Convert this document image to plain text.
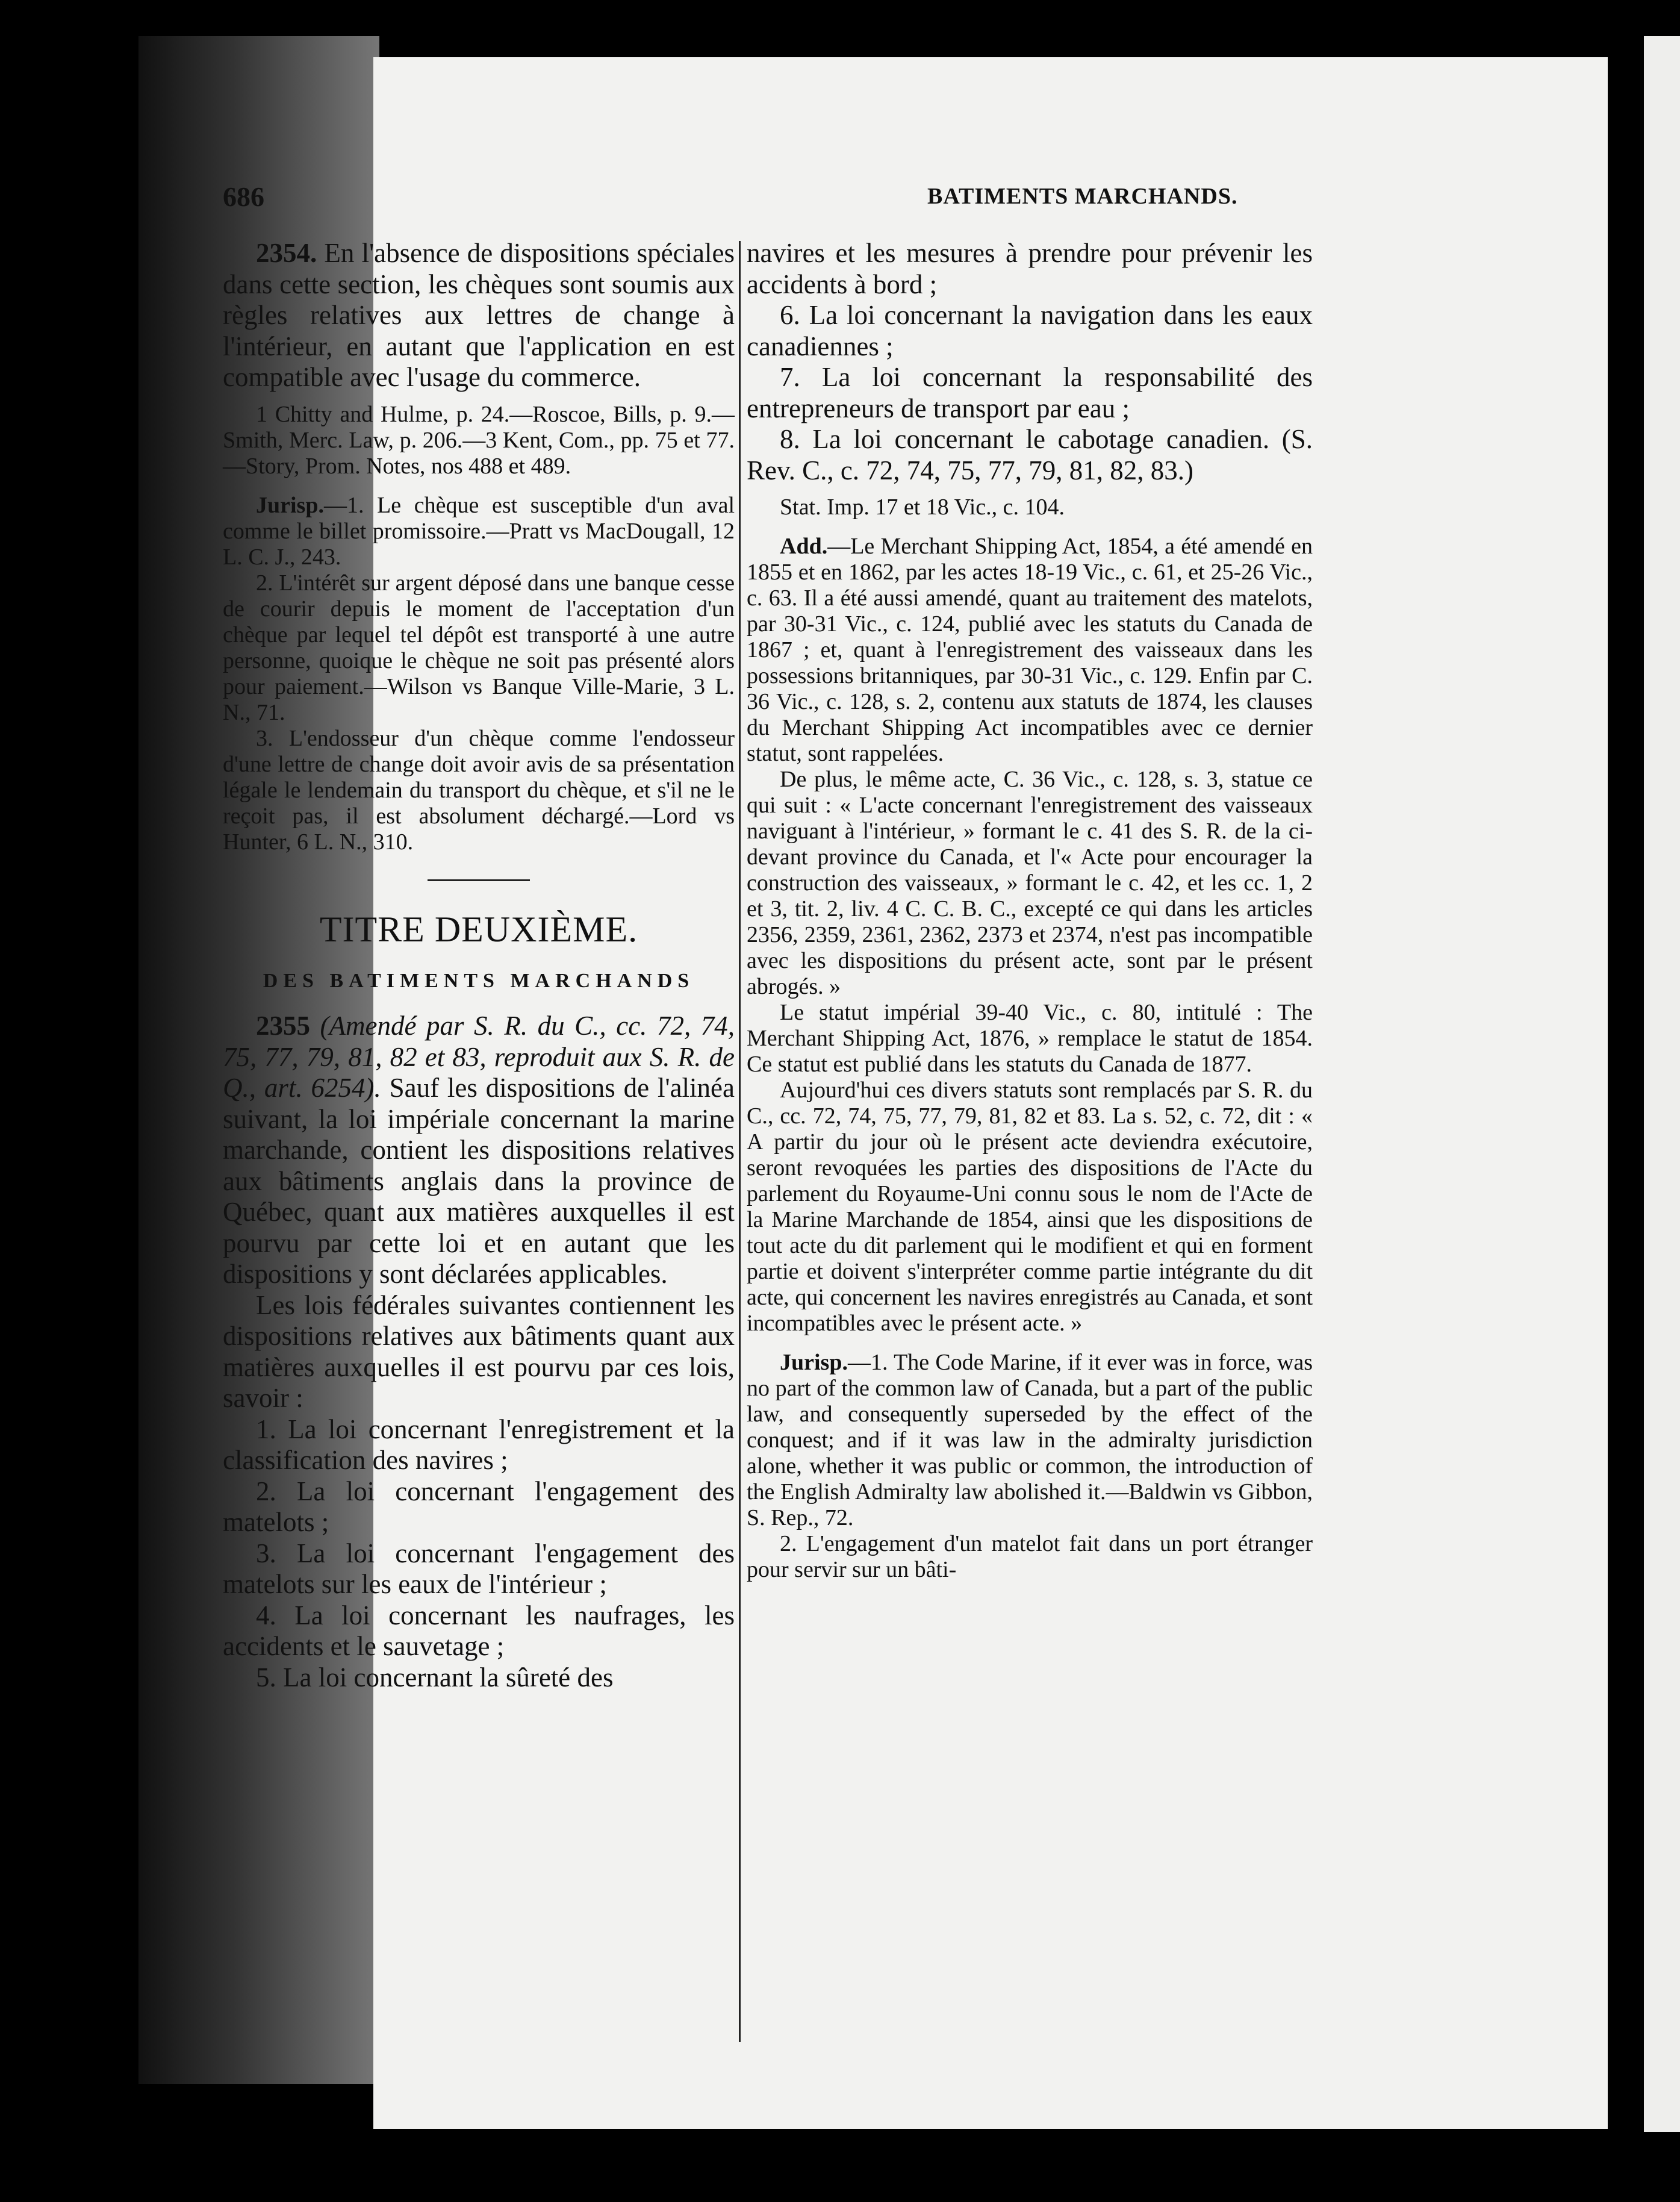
686	BATIMENTS MARCHANDS.

2354. En l'absence de dispositions spéciales dans cette section, les chèques sont soumis aux règles relatives aux lettres de change à l'intérieur, en autant que l'application en est compatible avec l'usage du commerce.

1 Chitty and Hulme, p. 24.—Roscoe, Bills, p. 9.—Smith, Merc. Law, p. 206.—3 Kent, Com., pp. 75 et 77.—Story, Prom. Notes, nos 488 et 489.

Jurisp.—1. Le chèque est susceptible d'un aval comme le billet promissoire.—Pratt vs MacDougall, 12 L. C. J., 243.

2. L'intérêt sur argent déposé dans une banque cesse de courir depuis le moment de l'acceptation d'un chèque par lequel tel dépôt est transporté à une autre personne, quoique le chèque ne soit pas présenté alors pour paiement.—Wilson vs Banque Ville-Marie, 3 L. N., 71.

3. L'endosseur d'un chèque comme l'endosseur d'une lettre de change doit avoir avis de sa présentation légale le lendemain du transport du chèque, et s'il ne le reçoit pas, il est absolument déchargé.—Lord vs Hunter, 6 L. N., 310.

TITRE DEUXIÈME.

DES BATIMENTS MARCHANDS

2355 (Amendé par S. R. du C., cc. 72, 74, 75, 77, 79, 81, 82 et 83, reproduit aux S. R. de Q., art. 6254). Sauf les dispositions de l'alinéa suivant, la loi impériale concernant la marine marchande, contient les dispositions relatives aux bâtiments anglais dans la province de Québec, quant aux matières auxquelles il est pourvu par cette loi et en autant que les dispositions y sont déclarées applicables.

Les lois fédérales suivantes contiennent les dispositions relatives aux bâtiments quant aux matières auxquelles il est pourvu par ces lois, savoir :

1. La loi concernant l'enregistrement et la classification des navires ;

2. La loi concernant l'engagement des matelots ;

3. La loi concernant l'engagement des matelots sur les eaux de l'intérieur ;

4. La loi concernant les naufrages, les accidents et le sauvetage ;

5. La loi concernant la sûreté des

navires et les mesures à prendre pour prévenir les accidents à bord ;

6. La loi concernant la navigation dans les eaux canadiennes ;

7. La loi concernant la responsabilité des entrepreneurs de transport par eau ;

8. La loi concernant le cabotage canadien. (S. Rev. C., c. 72, 74, 75, 77, 79, 81, 82, 83.)

Stat. Imp. 17 et 18 Vic., c. 104.

Add.—Le Merchant Shipping Act, 1854, a été amendé en 1855 et en 1862, par les actes 18-19 Vic., c. 61, et 25-26 Vic., c. 63. Il a été aussi amendé, quant au traitement des matelots, par 30-31 Vic., c. 124, publié avec les statuts du Canada de 1867 ; et, quant à l'enregistrement des vaisseaux dans les possessions britanniques, par 30-31 Vic., c. 129. Enfin par C. 36 Vic., c. 128, s. 2, contenu aux statuts de 1874, les clauses du Merchant Shipping Act incompatibles avec ce dernier statut, sont rappelées.

De plus, le même acte, C. 36 Vic., c. 128, s. 3, statue ce qui suit : « L'acte concernant l'enregistrement des vaisseaux naviguant à l'intérieur, » formant le c. 41 des S. R. de la ci-devant province du Canada, et l'« Acte pour encourager la construction des vaisseaux, » formant le c. 42, et les cc. 1, 2 et 3, tit. 2, liv. 4 C. C. B. C., excepté ce qui dans les articles 2356, 2359, 2361, 2362, 2373 et 2374, n'est pas incompatible avec les dispositions du présent acte, sont par le présent abrogés. »

Le statut impérial 39-40 Vic., c. 80, intitulé : The Merchant Shipping Act, 1876, » remplace le statut de 1854. Ce statut est publié dans les statuts du Canada de 1877.

Aujourd'hui ces divers statuts sont remplacés par S. R. du C., cc. 72, 74, 75, 77, 79, 81, 82 et 83. La s. 52, c. 72, dit : « A partir du jour où le présent acte deviendra exécutoire, seront revoquées les parties des dispositions de l'Acte du parlement du Royaume-Uni connu sous le nom de l'Acte de la Marine Marchande de 1854, ainsi que les dispositions de tout acte du dit parlement qui le modifient et qui en forment partie et doivent s'interpréter comme partie intégrante du dit acte, qui concernent les navires enregistrés au Canada, et sont incompatibles avec le présent acte. »

Jurisp.—1. The Code Marine, if it ever was in force, was no part of the common law of Canada, but a part of the public law, and consequently superseded by the effect of the conquest; and if it was law in the admiralty jurisdiction alone, whether it was public or common, the introduction of the English Admiralty law abolished it.—Baldwin vs Gibbon, S. Rep., 72.

2. L'engagement d'un matelot fait dans un port étranger pour servir sur un bâti-
